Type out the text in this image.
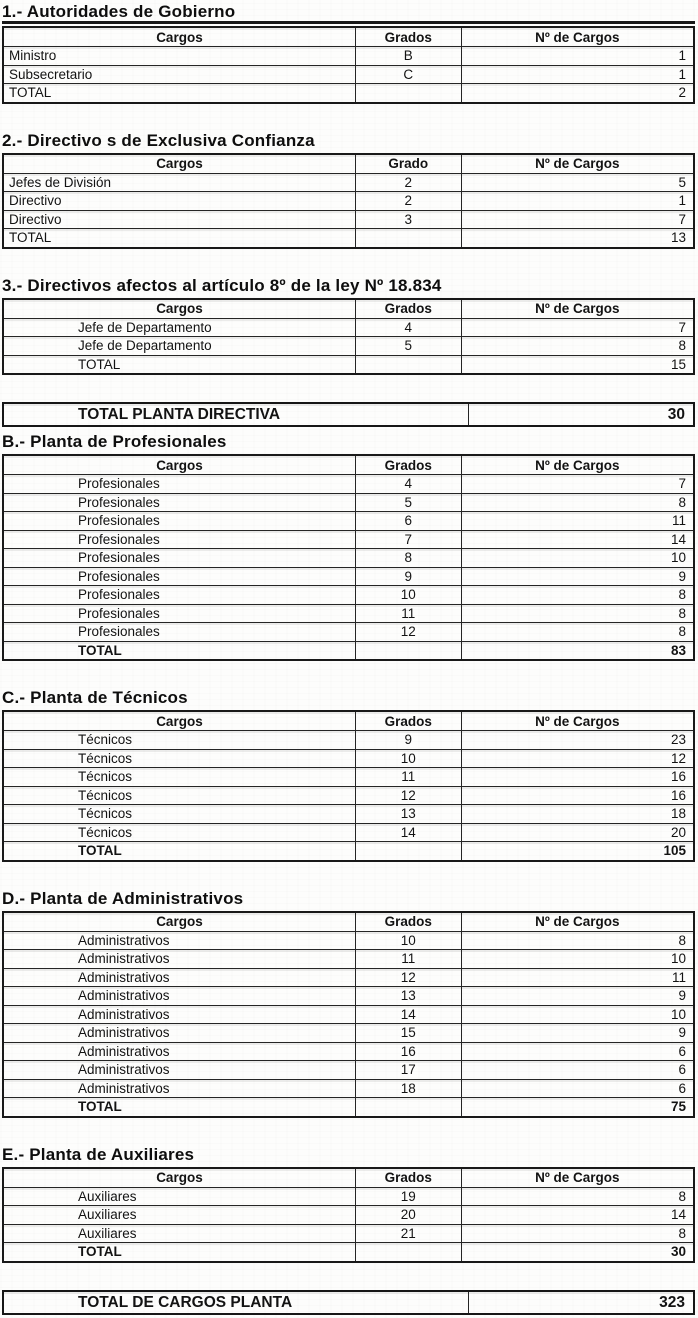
1.- Autoridades de Gobierno
Cargos	Grados	Nº de Cargos
Ministro	B	1
Subsecretario	C	1
TOTAL		2
2.- Directivo s de Exclusiva Confianza
Cargos	Grado	Nº de Cargos
Jefes de División	2	5
Directivo	2	1
Directivo	3	7
TOTAL		13
3.- Directivos afectos al artículo 8º de la ley Nº 18.834
Cargos	Grados	Nº de Cargos
Jefe de Departamento	4	7
Jefe de Departamento	5	8
TOTAL		15
TOTAL PLANTA DIRECTIVA	30
B.- Planta de Profesionales
Cargos	Grados	Nº de Cargos
Profesionales	4	7
Profesionales	5	8
Profesionales	6	11
Profesionales	7	14
Profesionales	8	10
Profesionales	9	9
Profesionales	10	8
Profesionales	11	8
Profesionales	12	8
TOTAL		83
C.- Planta de Técnicos
Cargos	Grados	Nº de Cargos
Técnicos	9	23
Técnicos	10	12
Técnicos	11	16
Técnicos	12	16
Técnicos	13	18
Técnicos	14	20
TOTAL		105
D.- Planta de Administrativos
Cargos	Grados	Nº de Cargos
Administrativos	10	8
Administrativos	11	10
Administrativos	12	11
Administrativos	13	9
Administrativos	14	10
Administrativos	15	9
Administrativos	16	6
Administrativos	17	6
Administrativos	18	6
TOTAL		75
E.- Planta de Auxiliares
Cargos	Grados	Nº de Cargos
Auxiliares	19	8
Auxiliares	20	14
Auxiliares	21	8
TOTAL		30
TOTAL DE CARGOS PLANTA	323
